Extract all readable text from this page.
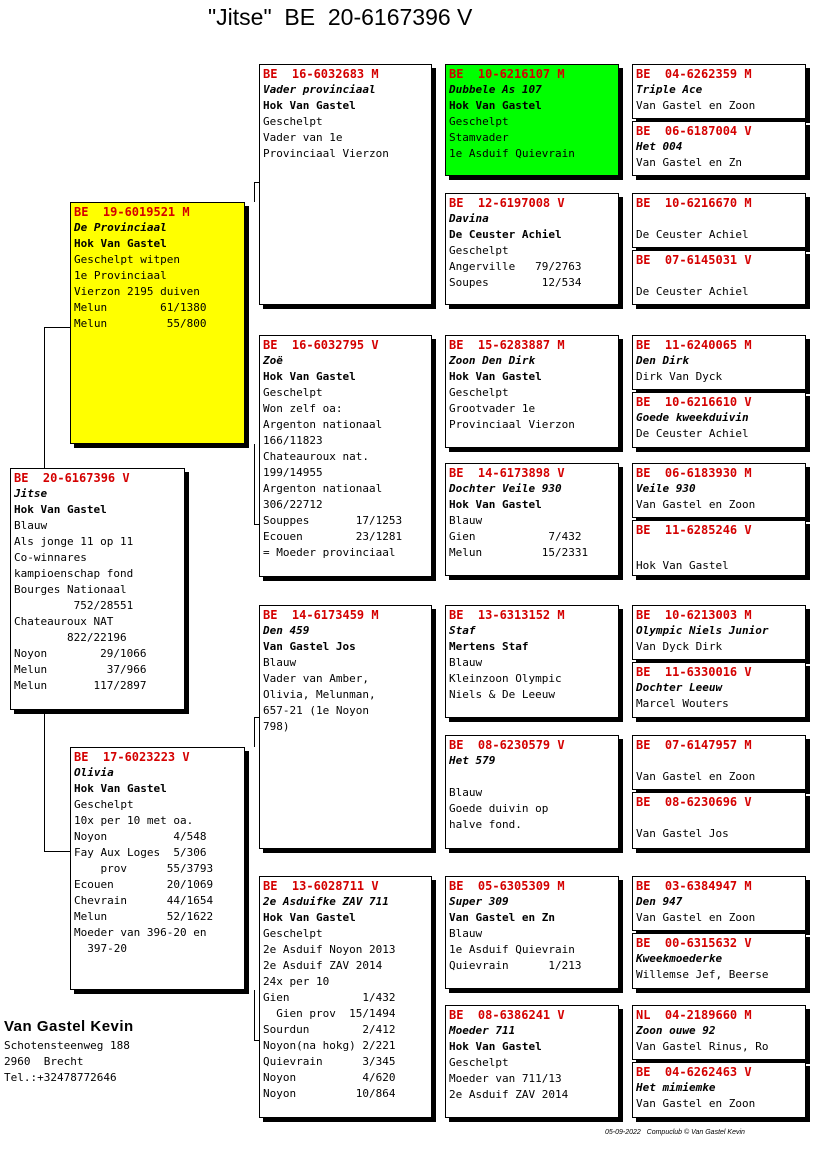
"Jitse"  BE  20-6167396 V
BE  20-6167396 V
Jitse
Hok Van Gastel
Blauw
Als jonge 11 op 11
Co-winnares
kampioenschap fond
Bourges Nationaal
752/28551
Chateauroux NAT
822/22196
Noyon        29/1066
Melun         37/966
Melun       117/2897
BE  19-6019521 M
De Provinciaal
Hok Van Gastel
Geschelpt witpen
1e Provinciaal
Vierzon 2195 duiven
Melun        61/1380
Melun         55/800
BE  17-6023223 V
Olivia
Hok Van Gastel
Geschelpt
10x per 10 met oa.
Noyon          4/548
Fay Aux Loges  5/306
prov      55/3793
Ecouen        20/1069
Chevrain      44/1654
Melun         52/1622
Moeder van 396-20 en
397-20
BE  16-6032683 M
Vader provinciaal
Hok Van Gastel
Geschelpt
Vader van 1e
Provinciaal Vierzon
BE  16-6032795 V
Zoë
Hok Van Gastel
Geschelpt
Won zelf oa:
Argenton nationaal
166/11823
Chateauroux nat.
199/14955
Argenton nationaal
306/22712
Souppes       17/1253
Ecouen        23/1281
= Moeder provinciaal
BE  14-6173459 M
Den 459
Van Gastel Jos
Blauw
Vader van Amber,
Olivia, Melunman,
657-21 (1e Noyon
798)
BE  13-6028711 V
2e Asduifke ZAV 711
Hok Van Gastel
Geschelpt
2e Asduif Noyon 2013
2e Asduif ZAV 2014
24x per 10
Gien           1/432
Gien prov  15/1494
Sourdun        2/412
Noyon(na hokg) 2/221
Quievrain      3/345
Noyon          4/620
Noyon         10/864
BE  10-6216107 M
Dubbele As 107
Hok Van Gastel
Geschelpt
Stamvader
1e Asduif Quievrain
BE  12-6197008 V
Davina
De Ceuster Achiel
Geschelpt
Angerville   79/2763
Soupes        12/534
BE  15-6283887 M
Zoon Den Dirk
Hok Van Gastel
Geschelpt
Grootvader 1e
Provinciaal Vierzon
BE  14-6173898 V
Dochter Veile 930
Hok Van Gastel
Blauw
Gien           7/432
Melun         15/2331
BE  13-6313152 M
Staf
Mertens Staf
Blauw
Kleinzoon Olympic
Niels & De Leeuw
BE  08-6230579 V
Het 579
Blauw
Goede duivin op
halve fond.
BE  05-6305309 M
Super 309
Van Gastel en Zn
Blauw
1e Asduif Quievrain
Quievrain      1/213
BE  08-6386241 V
Moeder 711
Hok Van Gastel
Geschelpt
Moeder van 711/13
2e Asduif ZAV 2014
BE  04-6262359 M
Triple Ace
Van Gastel en Zoon
BE  06-6187004 V
Het 004
Van Gastel en Zn
BE  10-6216670 M
De Ceuster Achiel
BE  07-6145031 V
De Ceuster Achiel
BE  11-6240065 M
Den Dirk
Dirk Van Dyck
BE  10-6216610 V
Goede kweekduivin
De Ceuster Achiel
BE  06-6183930 M
Veile 930
Van Gastel en Zoon
BE  11-6285246 V
Hok Van Gastel
BE  10-6213003 M
Olympic Niels Junior
Van Dyck Dirk
BE  11-6330016 V
Dochter Leeuw
Marcel Wouters
BE  07-6147957 M
Van Gastel en Zoon
BE  08-6230696 V
Van Gastel Jos
BE  03-6384947 M
Den 947
Van Gastel en Zoon
BE  00-6315632 V
Kweekmoederke
Willemse Jef, Beerse
NL  04-2189660 M
Zoon ouwe 92
Van Gastel Rinus, Ro
BE  04-6262463 V
Het mimiemke
Van Gastel en Zoon
Van Gastel Kevin
Schotensteenweg 188
2960  Brecht
Tel.:+32478772646
05-09-2022   Compuclub © Van Gastel Kevin
